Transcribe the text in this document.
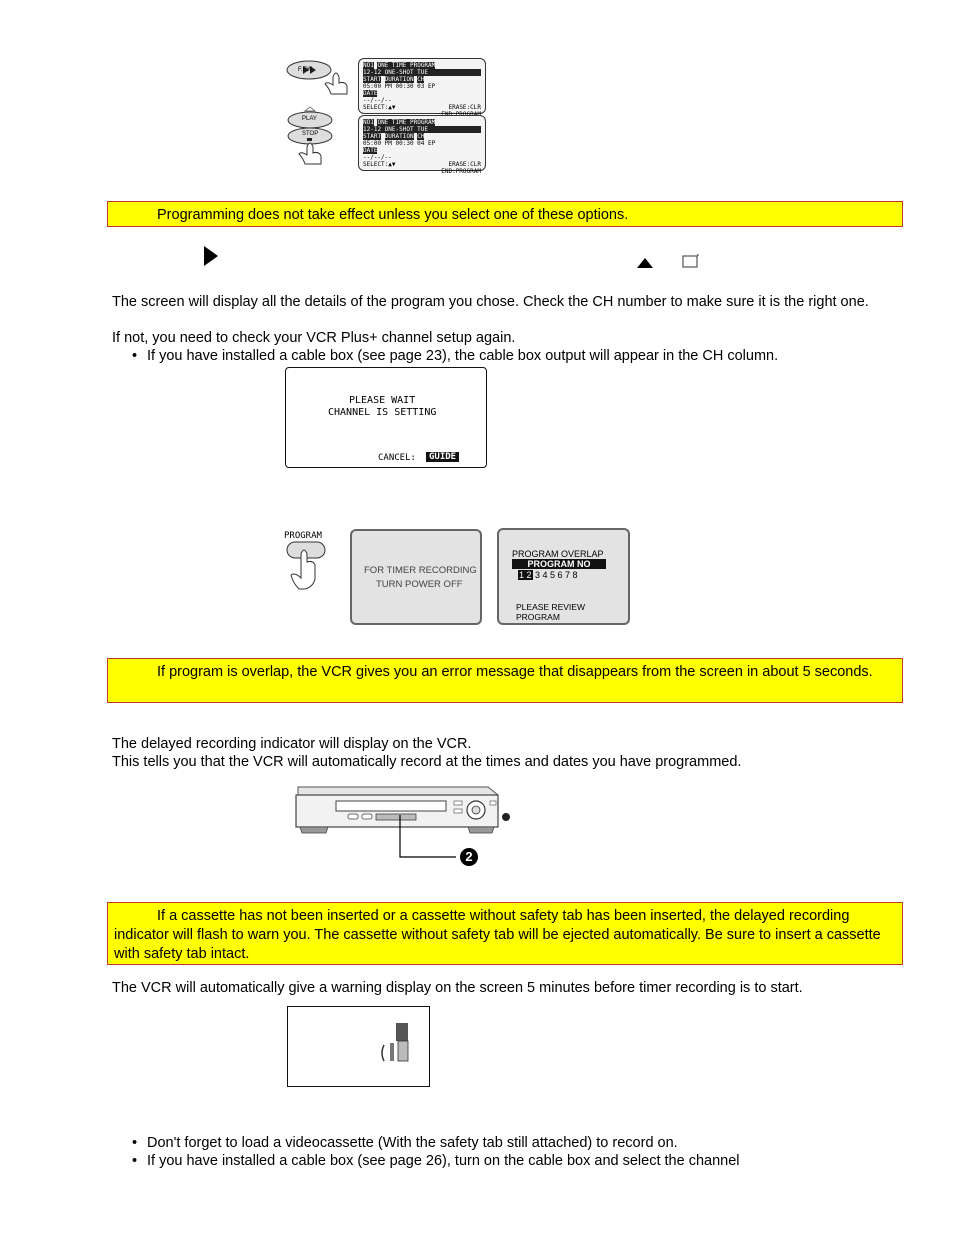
F.FW
PLAY
STOP
NO1 ONE TIME PROGRAM
12-12 ONE-SHOT TUE
START DURATION CH
05:00 PM 00:30 03 EP
DATE
--/--/--
SELECT:▲▼	ERASE:CLR
NO1 ONE TIME PROGRAM
12-12 ONE-SHOT TUE
START DURATION CH
05:00 PM 00:30 04 EP
DATE
--/--/--
SELECT:▲▼	ERASE:CLR
END:PROGRAM
Programming does not take effect unless you select one of these options.
The screen will display all the details of the program you chose. Check the CH number to make sure it is the right one.
If not, you need to check your VCR Plus+ channel setup again.
• If you have installed a cable box (see page 23), the cable box output will appear in the CH column.
PLEASE WAIT
CHANNEL IS SETTING
CANCEL:	GUIDE
PROGRAM
FOR TIMER RECORDING
TURN POWER OFF
PROGRAM OVERLAP
PROGRAM NO
1 2 3 4 5 6 7 8
PLEASE REVIEW PROGRAM
If program is overlap, the VCR gives you an error message that disappears from the screen in about 5 seconds.
The delayed recording indicator will display on the VCR.
This tells you that the VCR will automatically record at the times and dates you have programmed.
2
If a cassette has not been inserted or a cassette without safety tab has been inserted, the delayed recording indicator will flash to warn you. The cassette without safety tab will be ejected automatically. Be sure to insert a cassette with safety tab intact.
The VCR will automatically give a warning display on the screen 5 minutes before timer recording is to start.
• Don't forget to load a videocassette (With the safety tab still attached) to record on.
• If you have installed a cable box (see page 26), turn on the cable box and select the channel
